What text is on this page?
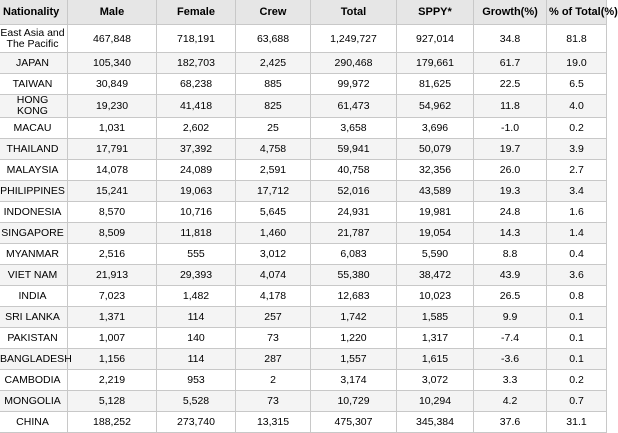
Nationality	Male	Female	Crew	Total	SPPY*	Growth(%)	% of Total(%)
East Asia and The Pacific	467,848	718,191	63,688	1,249,727	927,014	34.8	81.8
JAPAN	105,340	182,703	2,425	290,468	179,661	61.7	19.0
TAIWAN	30,849	68,238	885	99,972	81,625	22.5	6.5
HONG KONG	19,230	41,418	825	61,473	54,962	11.8	4.0
MACAU	1,031	2,602	25	3,658	3,696	-1.0	0.2
THAILAND	17,791	37,392	4,758	59,941	50,079	19.7	3.9
MALAYSIA	14,078	24,089	2,591	40,758	32,356	26.0	2.7
PHILIPPINES	15,241	19,063	17,712	52,016	43,589	19.3	3.4
INDONESIA	8,570	10,716	5,645	24,931	19,981	24.8	1.6
SINGAPORE	8,509	11,818	1,460	21,787	19,054	14.3	1.4
MYANMAR	2,516	555	3,012	6,083	5,590	8.8	0.4
VIET NAM	21,913	29,393	4,074	55,380	38,472	43.9	3.6
INDIA	7,023	1,482	4,178	12,683	10,023	26.5	0.8
SRI LANKA	1,371	114	257	1,742	1,585	9.9	0.1
PAKISTAN	1,007	140	73	1,220	1,317	-7.4	0.1
BANGLADESH	1,156	114	287	1,557	1,615	-3.6	0.1
CAMBODIA	2,219	953	2	3,174	3,072	3.3	0.2
MONGOLIA	5,128	5,528	73	10,729	10,294	4.2	0.7
CHINA	188,252	273,740	13,315	475,307	345,384	37.6	31.1
